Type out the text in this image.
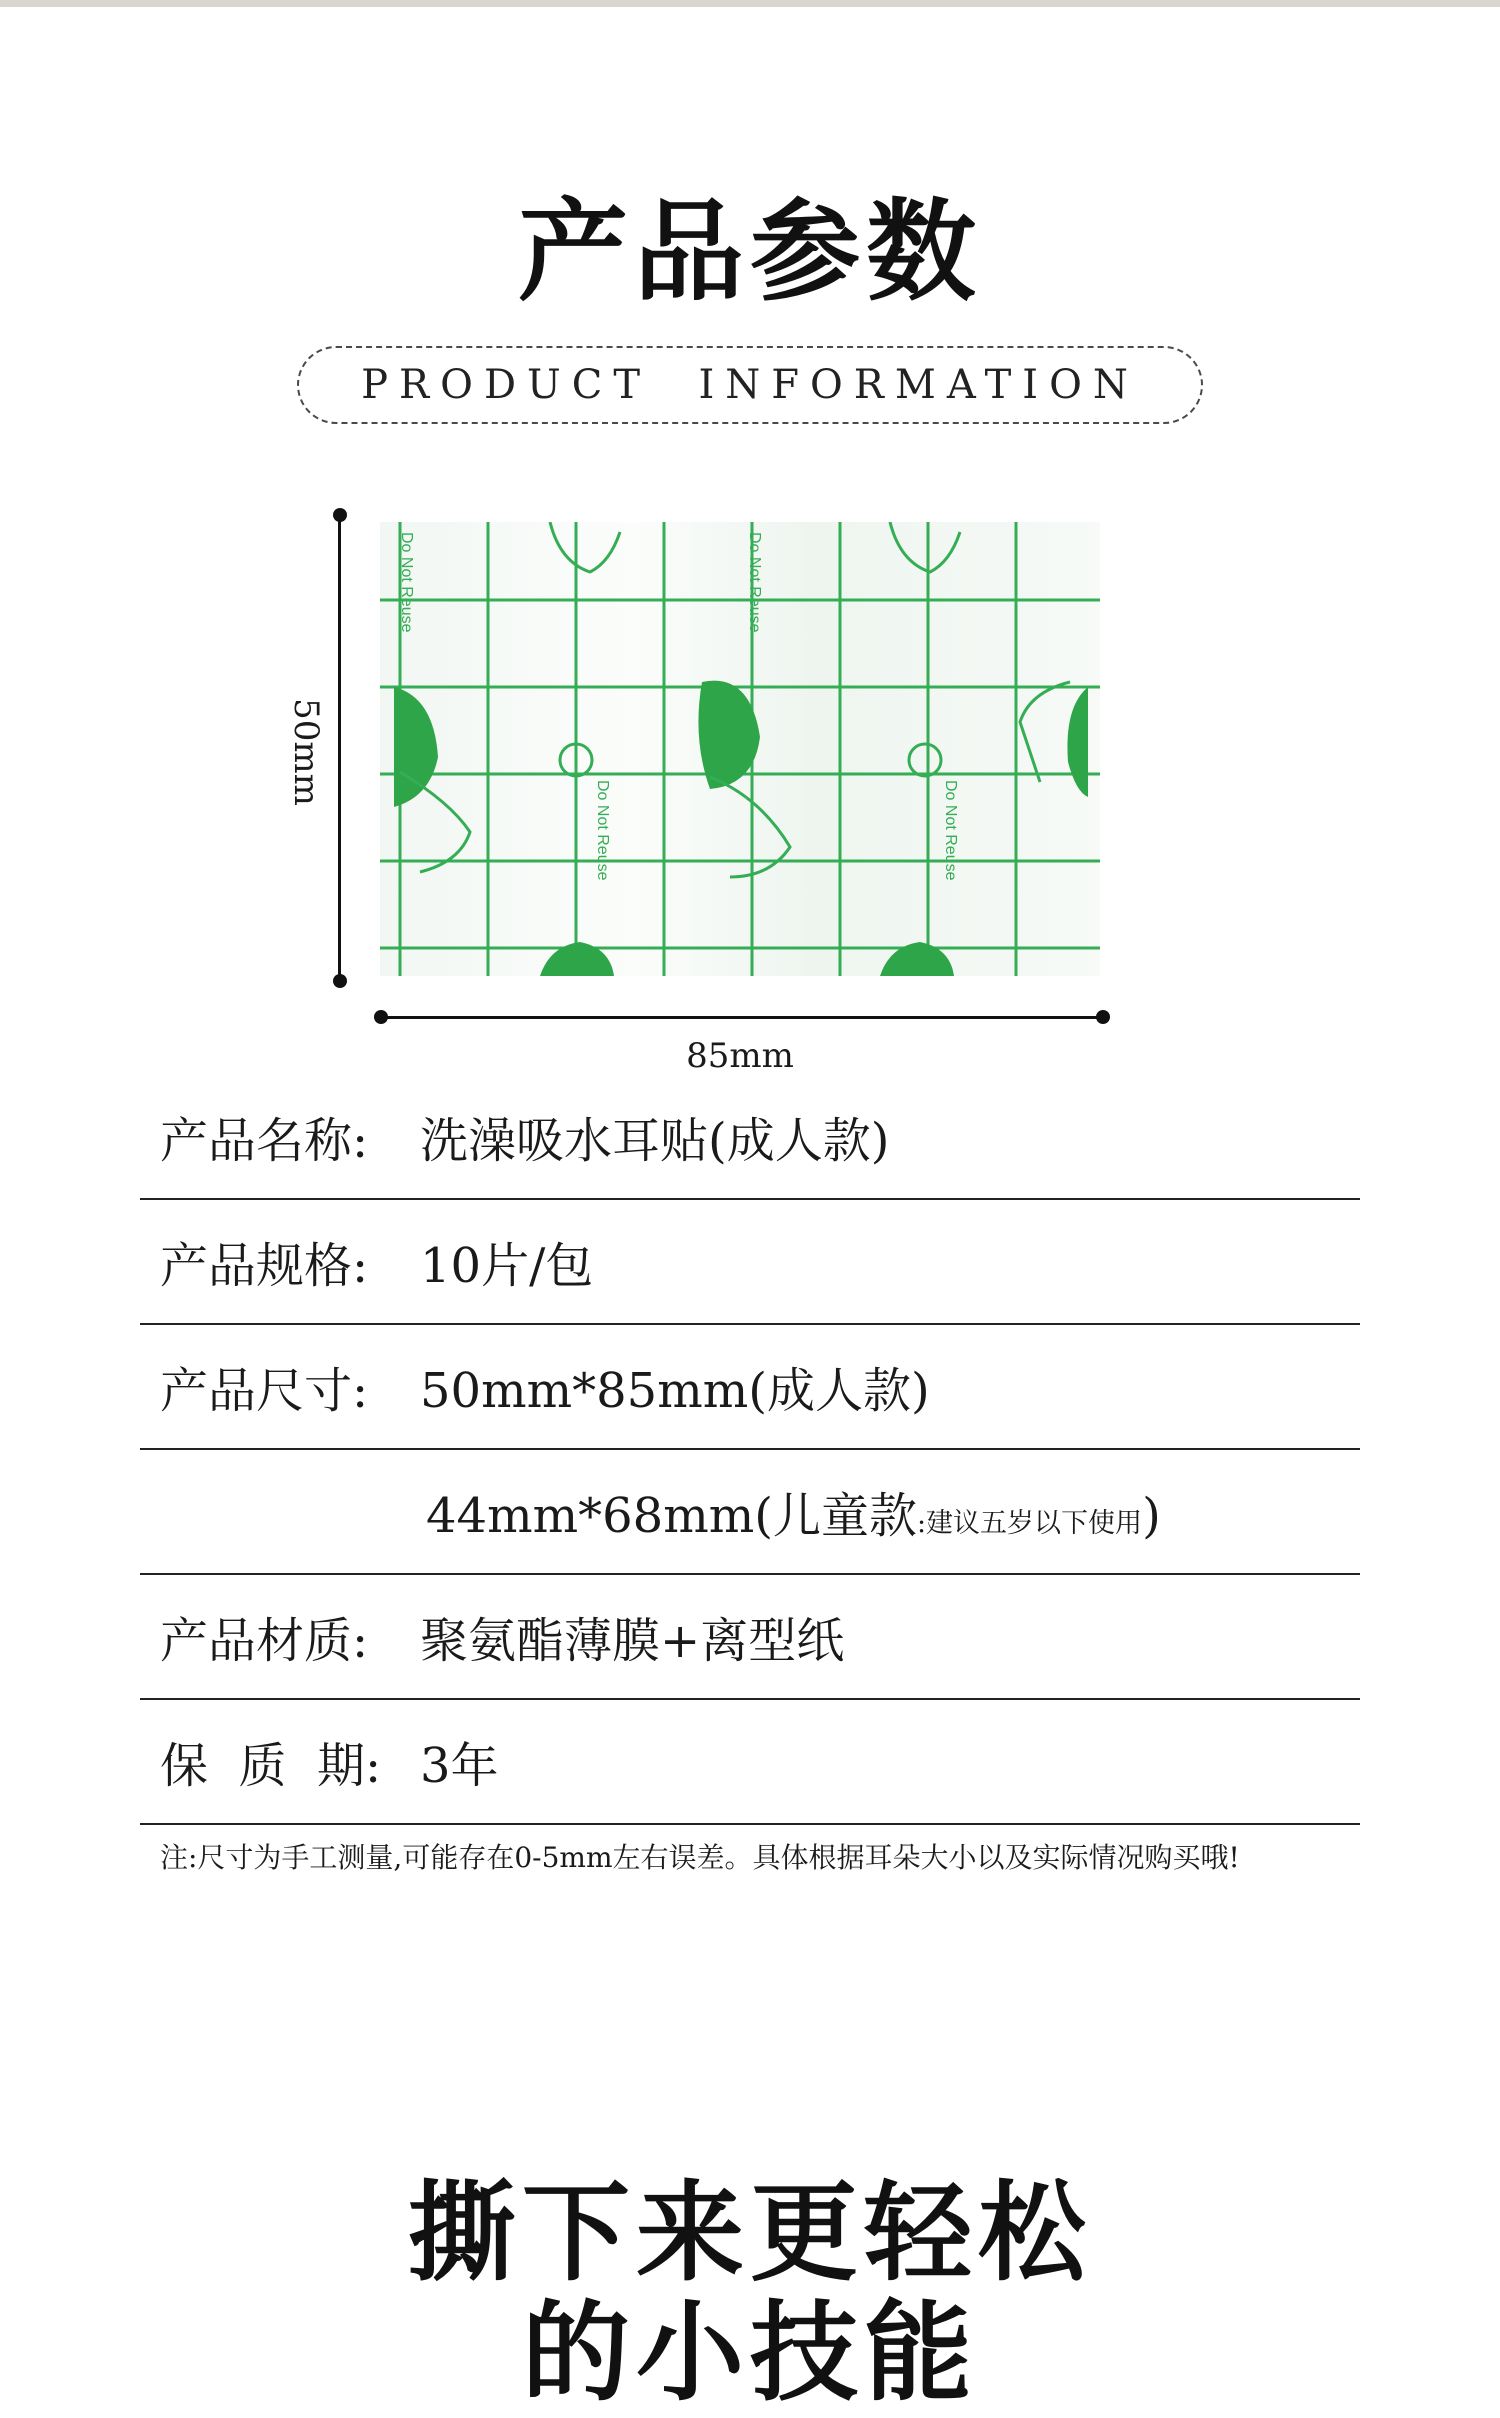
产品参数
PRODUCT  INFORMATION
50mm
Do Not Reuse	Do Not Reuse
Do Not Reuse	Do Not Reuse
85mm
产品名称:	洗澡吸水耳贴(成人款)
产品规格:	10片/包
产品尺寸:	50mm*85mm(成人款)
44mm*68mm(儿童款:建议五岁以下使用)
产品材质:	聚氨酯薄膜+离型纸
保  质  期: 3年
注:尺寸为手工测量,可能存在0-5mm左右误差。具体根据耳朵大小以及实际情况购买哦!
撕下来更轻松
的小技能
